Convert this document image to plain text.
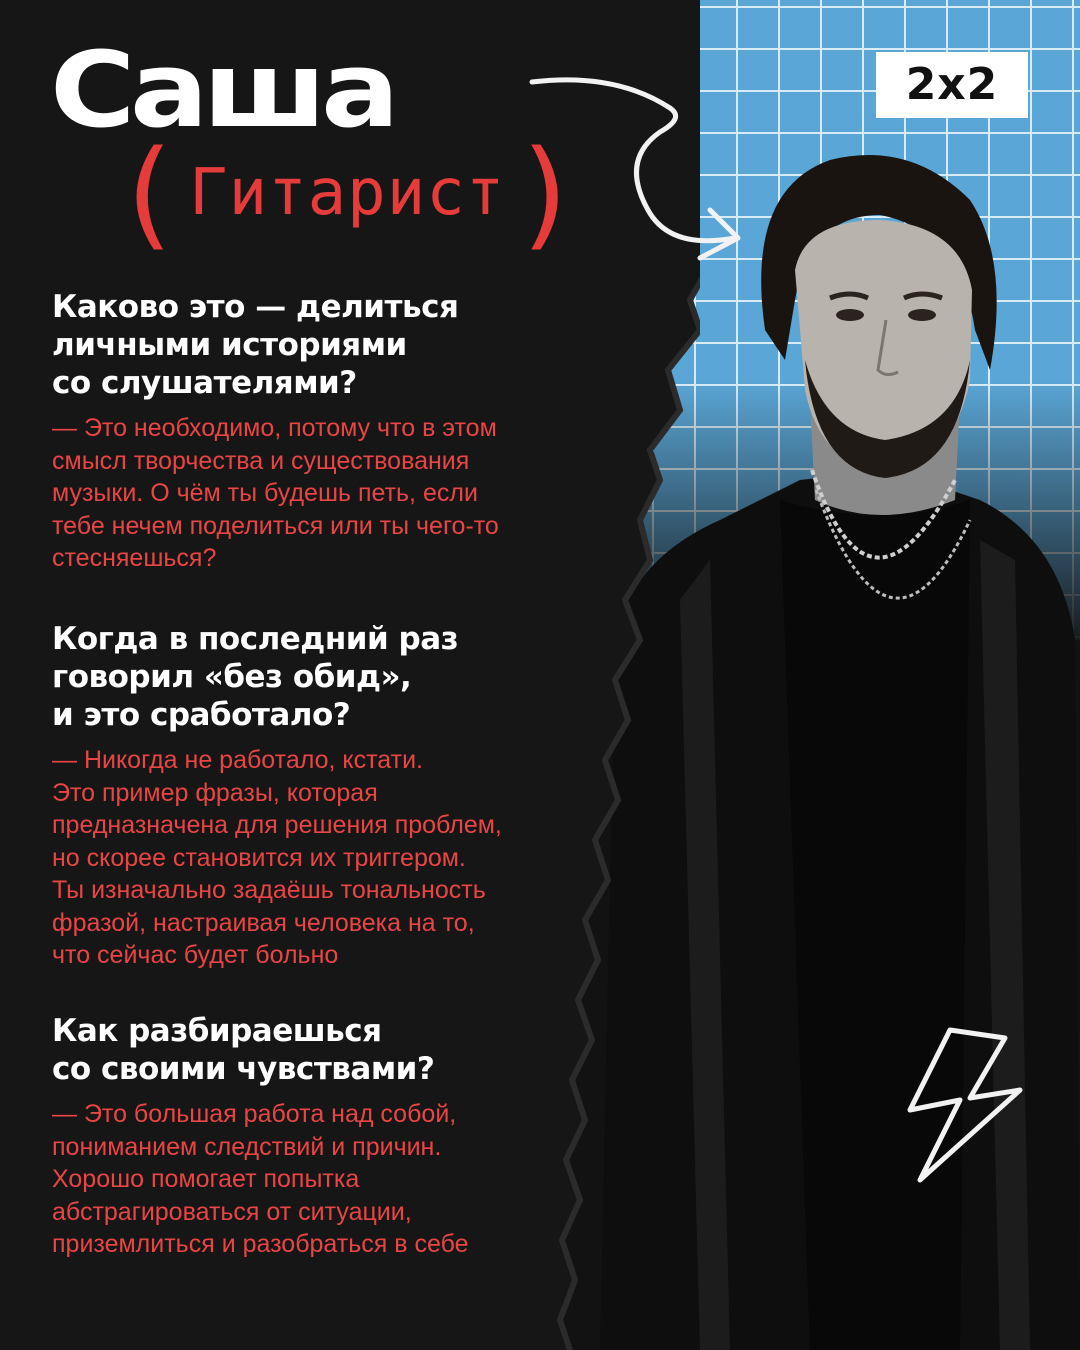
2x2
Саша
( Гитарист )

Каково это — делиться
личными историями
со слушателями?

— Это необходимо, потому что в этом
смысл творчества и существования
музыки. О чём ты будешь петь, если
тебе нечем поделиться или ты чего-то
стесняешься?

Когда в последний раз
говорил «без обид»,
и это сработало?

— Никогда не работало, кстати.
Это пример фразы, которая
предназначена для решения проблем,
но скорее становится их триггером.
Ты изначально задаёшь тональность
фразой, настраивая человека на то,
что сейчас будет больно

Как разбираешься
со своими чувствами?

— Это большая работа над собой,
пониманием следствий и причин.
Хорошо помогает попытка
абстрагироваться от ситуации,
приземлиться и разобраться в себе
